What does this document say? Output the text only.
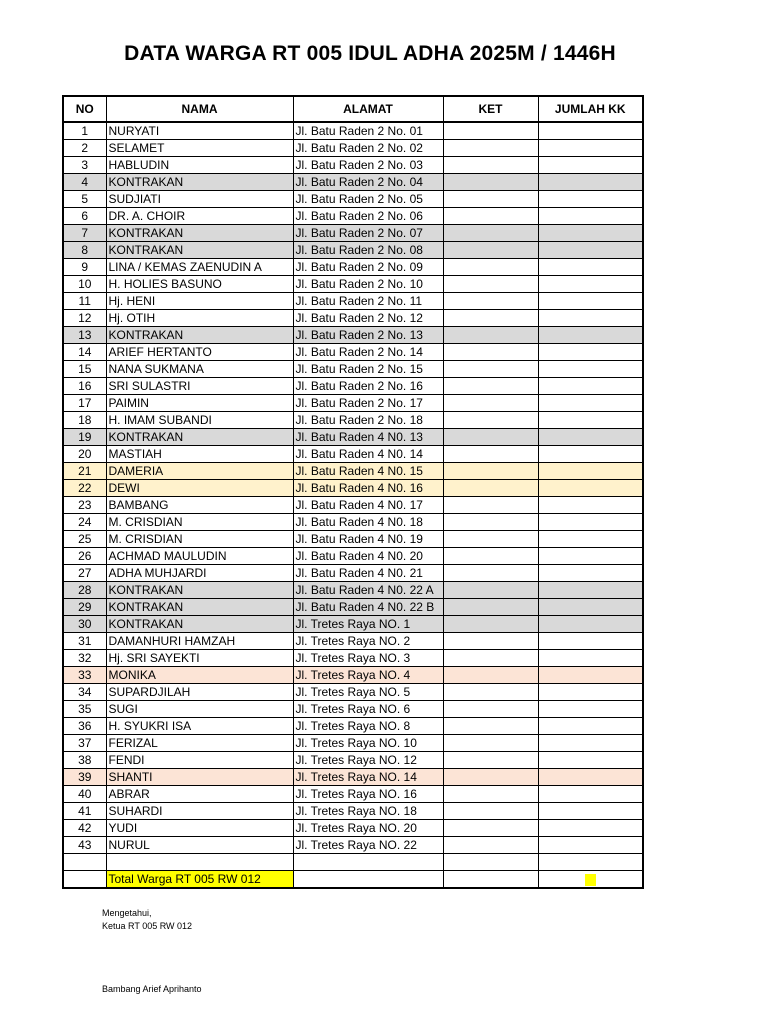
DATA WARGA RT 005 IDUL ADHA 2025M / 1446H
NO	NAMA	ALAMAT	KET	JUMLAH KK
1	NURYATI	Jl. Batu Raden 2 No. 01		
2	SELAMET	Jl. Batu Raden 2 No. 02		
3	HABLUDIN	Jl. Batu Raden 2 No. 03		
4	KONTRAKAN	Jl. Batu Raden 2 No. 04		
5	SUDJIATI	Jl. Batu Raden 2 No. 05		
6	DR. A. CHOIR	Jl. Batu Raden 2 No. 06		
7	KONTRAKAN	Jl. Batu Raden 2 No. 07		
8	KONTRAKAN	Jl. Batu Raden 2 No. 08		
9	LINA / KEMAS ZAENUDIN A	Jl. Batu Raden 2 No. 09		
10	H. HOLIES BASUNO	Jl. Batu Raden 2 No. 10		
11	Hj. HENI	Jl. Batu Raden 2 No. 11		
12	Hj. OTIH	Jl. Batu Raden 2 No. 12		
13	KONTRAKAN	Jl. Batu Raden 2 No. 13		
14	ARIEF HERTANTO	Jl. Batu Raden 2 No. 14		
15	NANA SUKMANA	Jl. Batu Raden 2 No. 15		
16	SRI SULASTRI	Jl. Batu Raden 2 No. 16		
17	PAIMIN	Jl. Batu Raden 2 No. 17		
18	H. IMAM SUBANDI	Jl. Batu Raden 2 No. 18		
19	KONTRAKAN	Jl. Batu Raden 4 N0. 13		
20	MASTIAH	Jl. Batu Raden 4 N0. 14		
21	DAMERIA	Jl. Batu Raden 4 N0. 15		
22	DEWI	Jl. Batu Raden 4 N0. 16		
23	BAMBANG	Jl. Batu Raden 4 N0. 17		
24	M. CRISDIAN	Jl. Batu Raden 4 N0. 18		
25	M. CRISDIAN	Jl. Batu Raden 4 N0. 19		
26	ACHMAD MAULUDIN	Jl. Batu Raden 4 N0. 20		
27	ADHA MUHJARDI	Jl. Batu Raden 4 N0. 21		
28	KONTRAKAN	Jl. Batu Raden 4 N0. 22 A		
29	KONTRAKAN	Jl. Batu Raden 4 N0. 22 B		
30	KONTRAKAN	Jl. Tretes Raya NO. 1		
31	DAMANHURI HAMZAH	Jl. Tretes Raya NO. 2		
32	Hj. SRI SAYEKTI	Jl. Tretes Raya NO. 3		
33	MONIKA	Jl. Tretes Raya NO. 4		
34	SUPARDJILAH	Jl. Tretes Raya NO. 5		
35	SUGI	Jl. Tretes Raya NO. 6		
36	H. SYUKRI ISA	Jl. Tretes Raya NO. 8		
37	FERIZAL	Jl. Tretes Raya NO. 10		
38	FENDI	Jl. Tretes Raya NO. 12		
39	SHANTI	Jl. Tretes Raya NO. 14		
40	ABRAR	Jl. Tretes Raya NO. 16		
41	SUHARDI	Jl. Tretes Raya NO. 18		
42	YUDI	Jl. Tretes Raya NO. 20		
43	NURUL	Jl. Tretes Raya NO. 22		

	Total Warga RT 005 RW 012			

Mengetahui,
Ketua RT 005 RW 012
Bambang Arief Aprihanto
